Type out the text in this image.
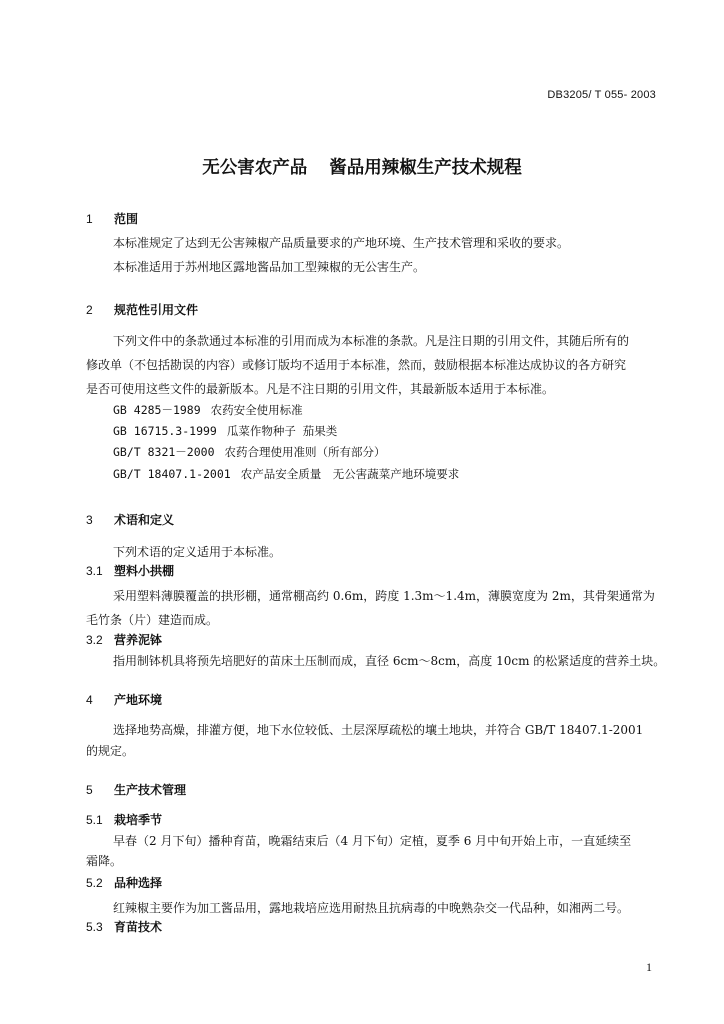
DB3205/ T 055- 2003
无公害农产品 酱品用辣椒生产技术规程
1 范围
本标准规定了达到无公害辣椒产品质量要求的产地环境、生产技术管理和采收的要求。
本标准适用于苏州地区露地酱品加工型辣椒的无公害生产。
2 规范性引用文件
下列文件中的条款通过本标准的引用而成为本标准的条款。凡是注日期的引用文件，其随后所有的
修改单（不包括勘误的内容）或修订版均不适用于本标准，然而，鼓励根据本标准达成协议的各方研究
是否可使用这些文件的最新版本。凡是不注日期的引用文件，其最新版本适用于本标准。
GB 4285－1989 农药安全使用标准
GB 16715.3-1999 瓜菜作物种子 茄果类
GB/T 8321－2000 农药合理使用准则（所有部分）
GB/T 18407.1-2001 农产品安全质量　无公害蔬菜产地环境要求
3 术语和定义
下列术语的定义适用于本标准。
3.1 塑料小拱棚
采用塑料薄膜覆盖的拱形棚，通常棚高约 0.6m，跨度 1.3m～1.4m，薄膜宽度为 2m，其骨架通常为
毛竹条（片）建造而成。
3.2 营养泥钵
指用制钵机具将预先培肥好的苗床土压制而成，直径 6cm～8cm，高度 10cm 的松紧适度的营养土块。
4 产地环境
选择地势高燥，排灌方便，地下水位较低、土层深厚疏松的壤土地块，并符合 GB/T 18407.1-2001
的规定。
5 生产技术管理
5.1 栽培季节
早春（2 月下旬）播种育苗，晚霜结束后（4 月下旬）定植，夏季 6 月中旬开始上市，一直延续至
霜降。
5.2 品种选择
红辣椒主要作为加工酱品用，露地栽培应选用耐热且抗病毒的中晚熟杂交一代品种，如湘两二号。
5.3 育苗技术
1
